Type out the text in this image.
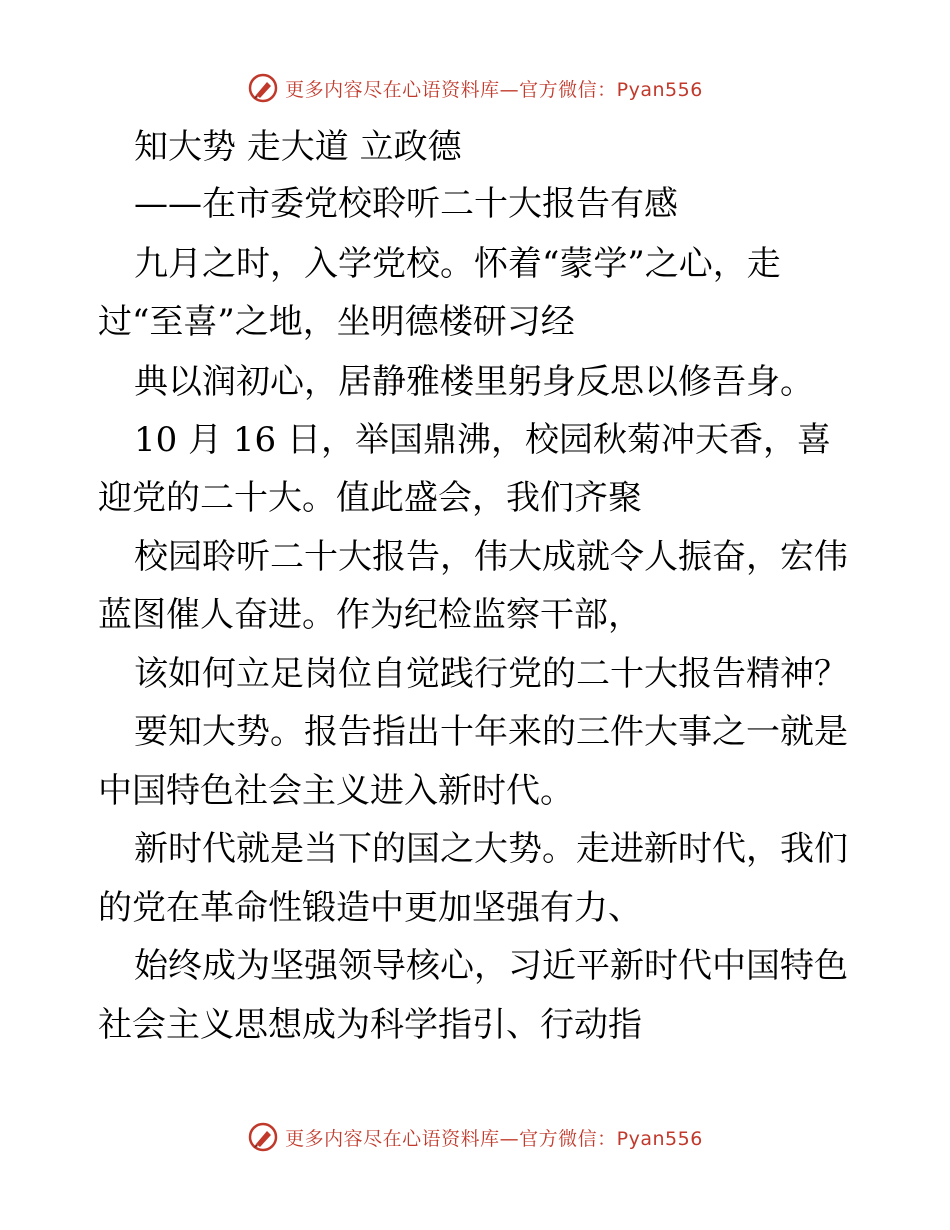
更多内容尽在心语资料库—官方微信：Pyan556
知大势 走大道 立政德
——在市委党校聆听二十大报告有感
九月之时，入学党校。怀着“蒙学”之心，走
过“至喜”之地，坐明德楼研习经
典以润初心，居静雅楼里躬身反思以修吾身。
10 月 16 日，举国鼎沸，校园秋菊冲天香，喜
迎党的二十大。值此盛会，我们齐聚
校园聆听二十大报告，伟大成就令人振奋，宏伟
蓝图催人奋进。作为纪检监察干部，
该如何立足岗位自觉践行党的二十大报告精神？
要知大势。报告指出十年来的三件大事之一就是
中国特色社会主义进入新时代。
新时代就是当下的国之大势。走进新时代，我们
的党在革命性锻造中更加坚强有力、
始终成为坚强领导核心，习近平新时代中国特色
社会主义思想成为科学指引、行动指
更多内容尽在心语资料库—官方微信：Pyan556
